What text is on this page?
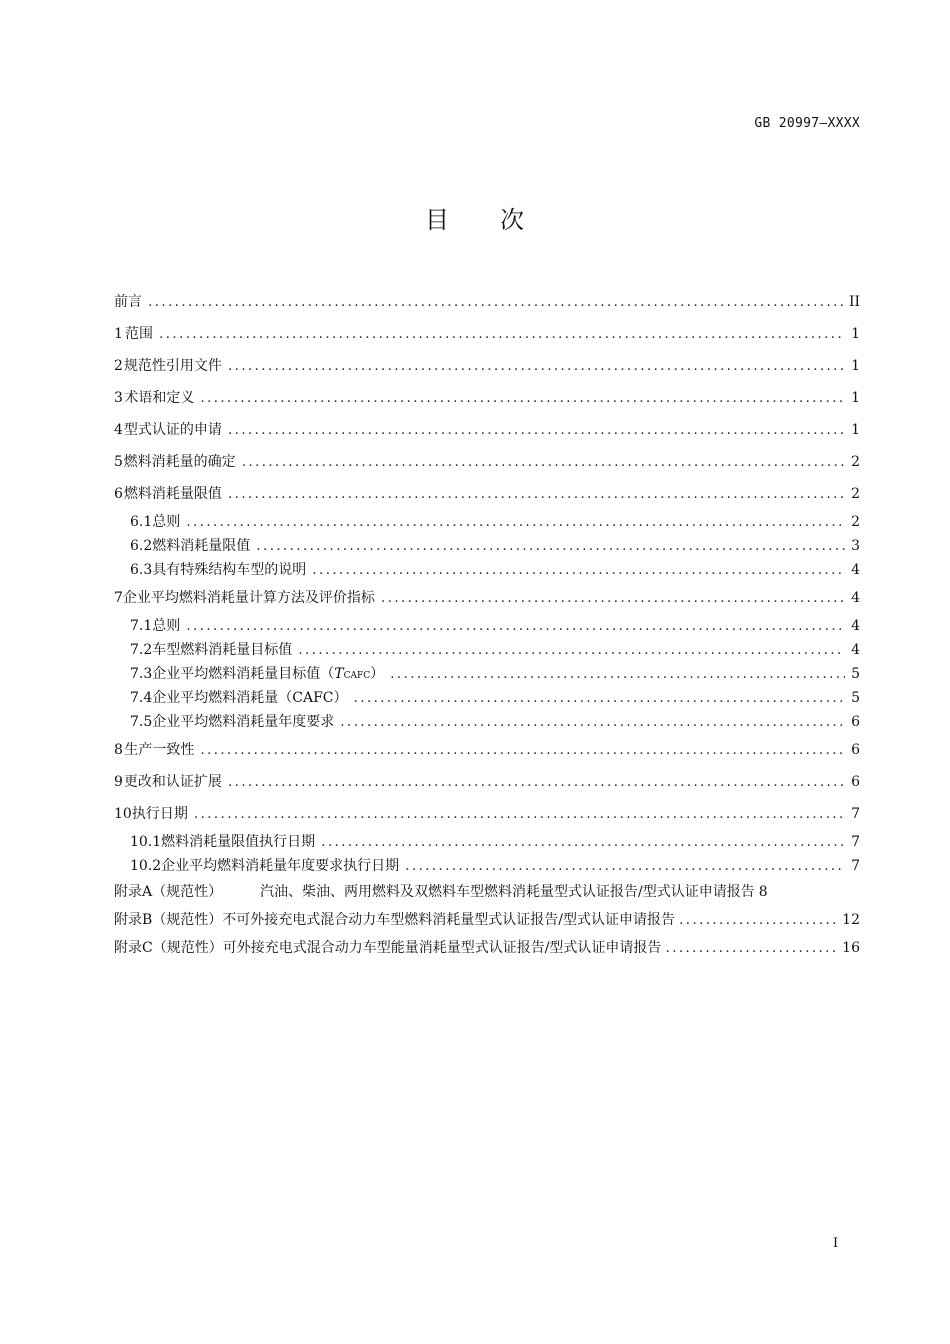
GB 20997—XXXX
目　　次
前言 .....	II
1 范围 .....	1
2 规范性引用文件 .....	1
3 术语和定义 .....	1
4 型式认证的申请 .....	1
5 燃料消耗量的确定 .....	2
6 燃料消耗量限值 .....	2
6.1 总则 .....	2
6.2 燃料消耗量限值 .....	3
6.3 具有特殊结构车型的说明 .....	4
7 企业平均燃料消耗量计算方法及评价指标 .....	4
7.1 总则 .....	4
7.2 车型燃料消耗量目标值 .....	4
7.3 企业平均燃料消耗量目标值（TCAFC） .....	5
7.4 企业平均燃料消耗量（CAFC） .....	5
7.5 企业平均燃料消耗量年度要求 .....	6
8 生产一致性 .....	6
9 更改和认证扩展 .....	6
10 执行日期 .....	7
10.1 燃料消耗量限值执行日期 .....	7
10.2 企业平均燃料消耗量年度要求执行日期 .....	7
附录A（规范性）	汽油、柴油、两用燃料及双燃料车型燃料消耗量型式认证报告/型式认证申请报告 8
附录B（规范性） 不可外接充电式混合动力车型燃料消耗量型式认证报告/型式认证申请报告 .....	12
附录C（规范性） 可外接充电式混合动力车型能量消耗量型式认证报告/型式认证申请报告 .....	16
I
